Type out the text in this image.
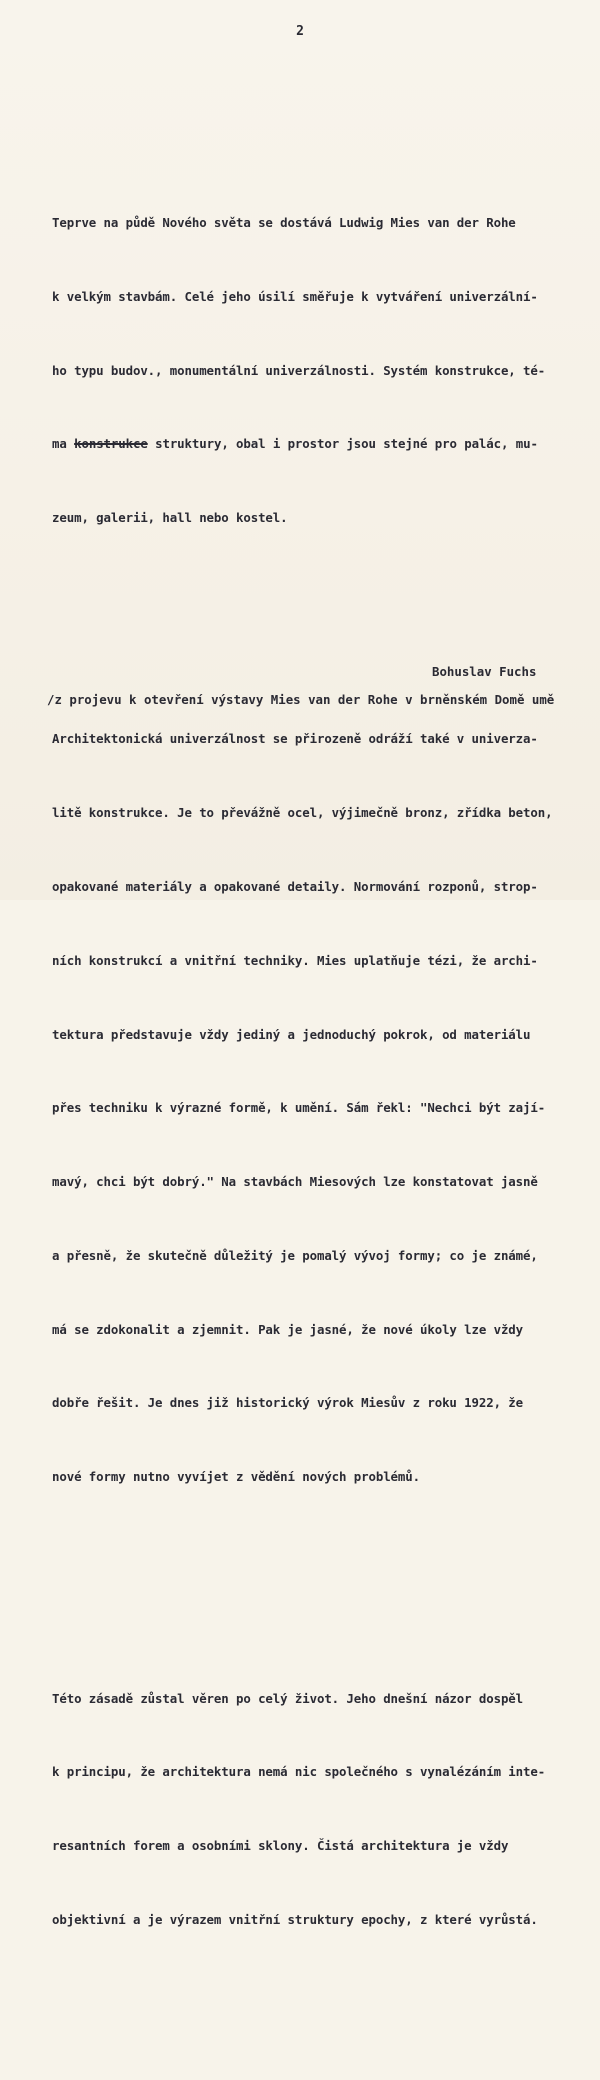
2

Teprve na půdě Nového světa se dostává Ludwig Mies van der Rohe

k velkým stavbám. Celé jeho úsilí směřuje k vytváření univerzální-

ho typu budov., monumentální univerzálnosti. Systém konstrukce, té-

ma konstrukce struktury, obal i prostor jsou stejné pro palác, mu-

zeum, galerii, hall nebo kostel.

Architektonická univerzálnost se přirozeně odráží také v univerza-

litě konstrukce. Je to převážně ocel, výjimečně bronz, zřídka beton,

opakované materiály a opakované detaily. Normování rozponů, strop-

ních konstrukcí a vnitřní techniky. Mies uplatňuje tézi, že archi-

tektura představuje vždy jediný a jednoduchý pokrok, od materiálu

přes techniku k výrazné formě, k umění. Sám řekl: "Nechci být zají-

mavý, chci být dobrý." Na stavbách Miesových lze konstatovat jasně

a přesně, že skutečně důležitý je pomalý vývoj formy; co je známé,

má se zdokonalit a zjemnit. Pak je jasné, že nové úkoly lze vždy

dobře řešit. Je dnes již historický výrok Miesův z roku 1922, že

nové formy nutno vyvíjet z vědění nových problémů.

Této zásadě zůstal věren po celý život. Jeho dnešní názor dospěl

k principu, že architektura nemá nic společného s vynalézáním inte-

resantních forem a osobními sklony. Čistá architektura je vždy

objektivní a je výrazem vnitřní struktury epochy, z které vyrůstá.

Bohuslav Fuchs
/z projevu k otevření výstavy Mies van der Rohe v brněnském Domě umě
